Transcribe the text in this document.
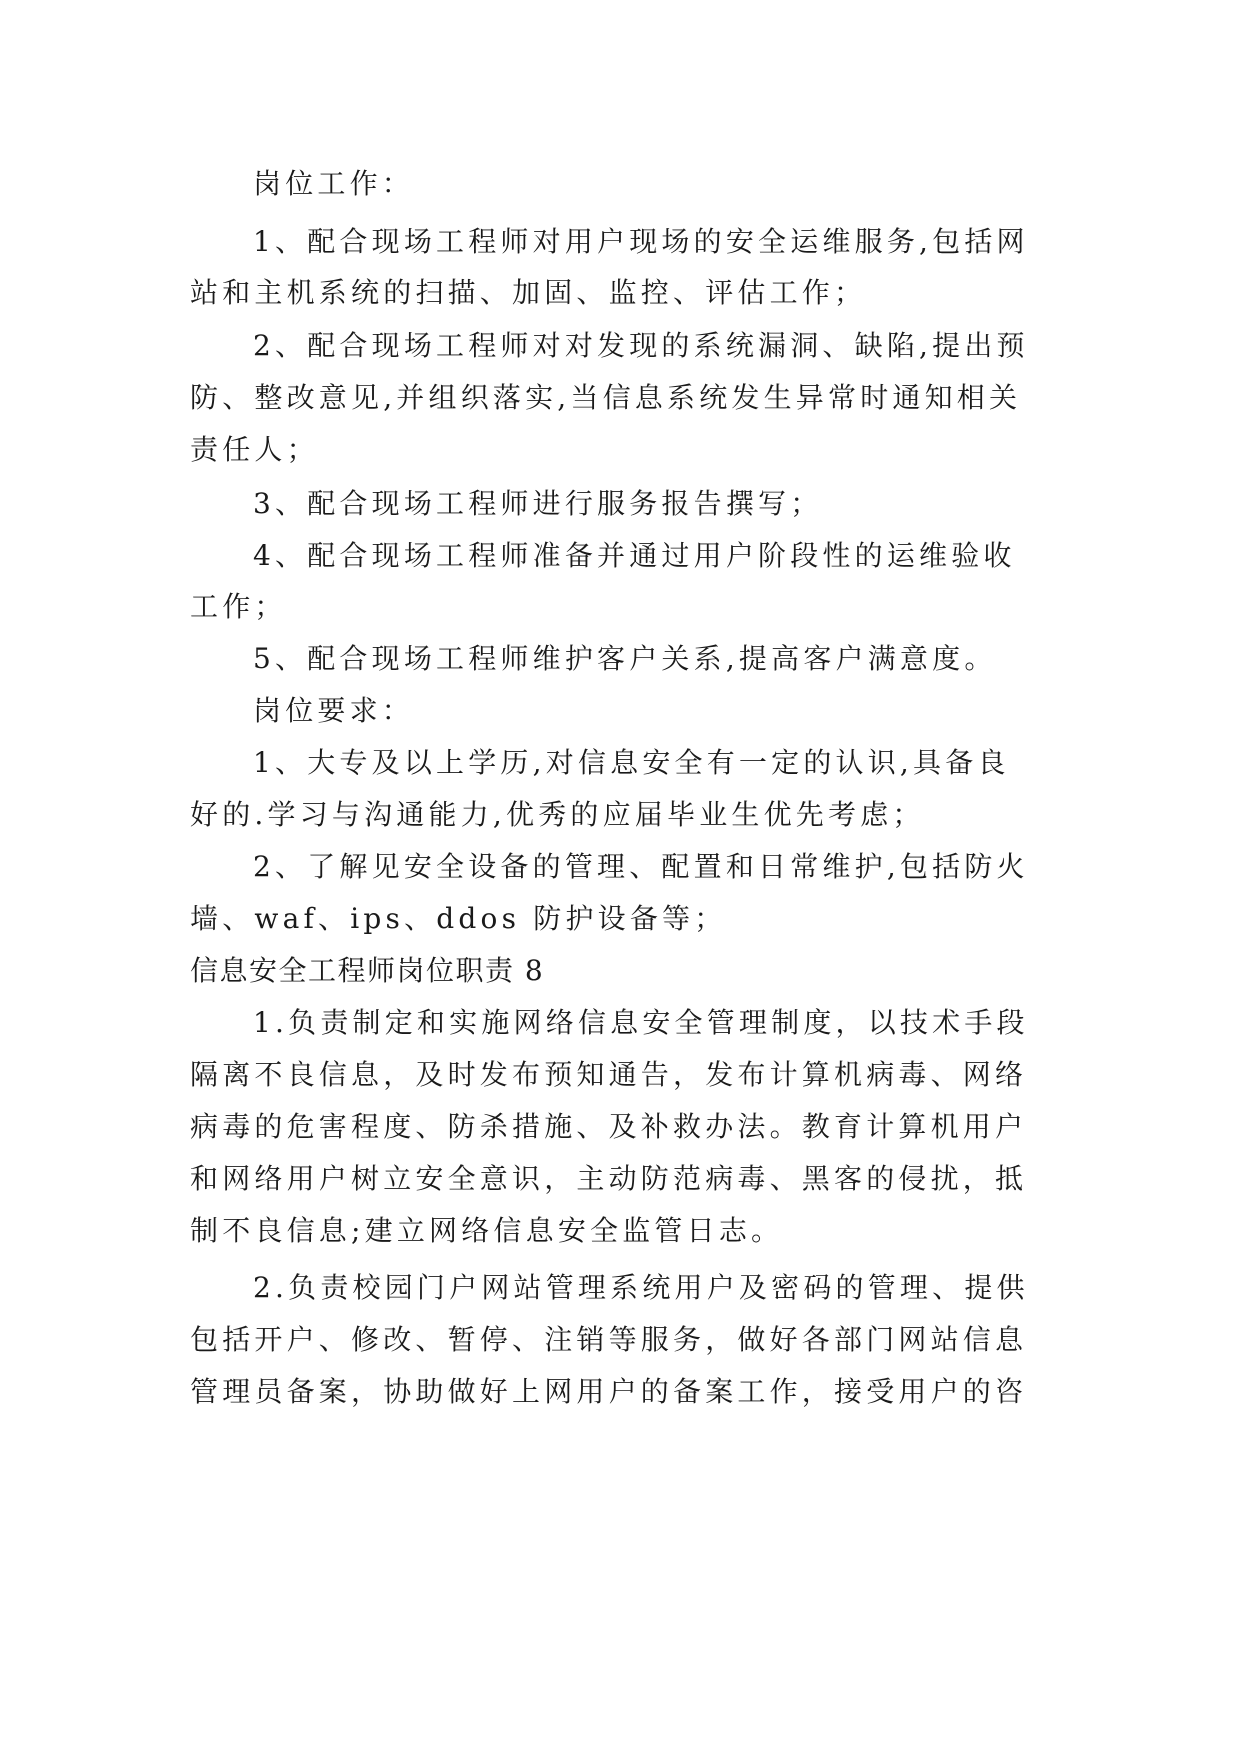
岗位工作：
1、配合现场工程师对用户现场的安全运维服务,包括网
站和主机系统的扫描、加固、监控、评估工作；
2、配合现场工程师对对发现的系统漏洞、缺陷,提出预
防、整改意见,并组织落实,当信息系统发生异常时通知相关
责任人；
3、配合现场工程师进行服务报告撰写；
4、配合现场工程师准备并通过用户阶段性的运维验收
工作；
5、配合现场工程师维护客户关系,提高客户满意度。
岗位要求：
1、大专及以上学历,对信息安全有一定的认识,具备良
好的.学习与沟通能力,优秀的应届毕业生优先考虑；
2、了解见安全设备的管理、配置和日常维护,包括防火
墙、waf、ips、ddos 防护设备等；
信息安全工程师岗位职责 8
1.负责制定和实施网络信息安全管理制度，以技术手段
隔离不良信息，及时发布预知通告，发布计算机病毒、网络
病毒的危害程度、防杀措施、及补救办法。教育计算机用户
和网络用户树立安全意识，主动防范病毒、黑客的侵扰，抵
制不良信息;建立网络信息安全监管日志。
2.负责校园门户网站管理系统用户及密码的管理、提供
包括开户、修改、暂停、注销等服务，做好各部门网站信息
管理员备案，协助做好上网用户的备案工作，接受用户的咨
